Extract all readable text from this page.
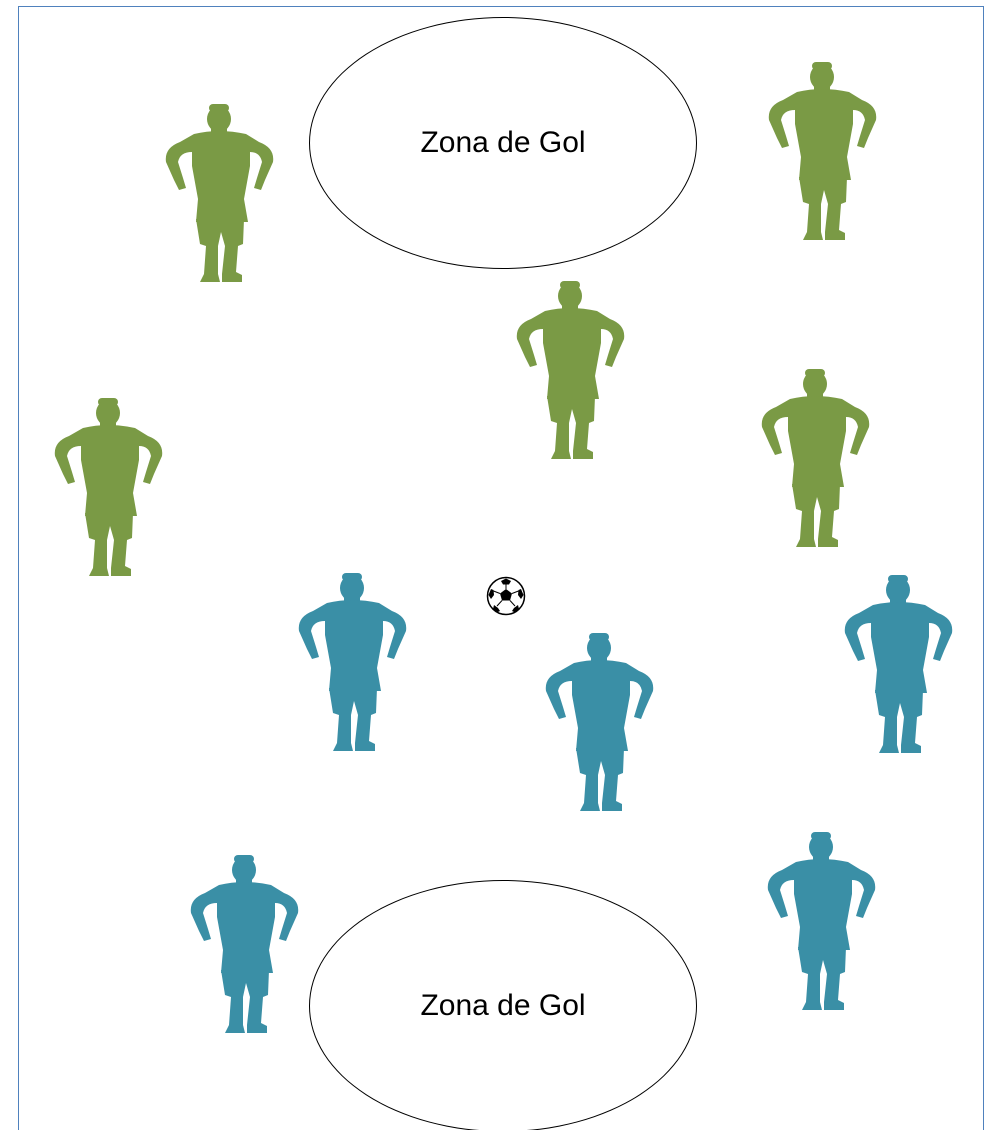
Zona de Gol
Zona de Gol
